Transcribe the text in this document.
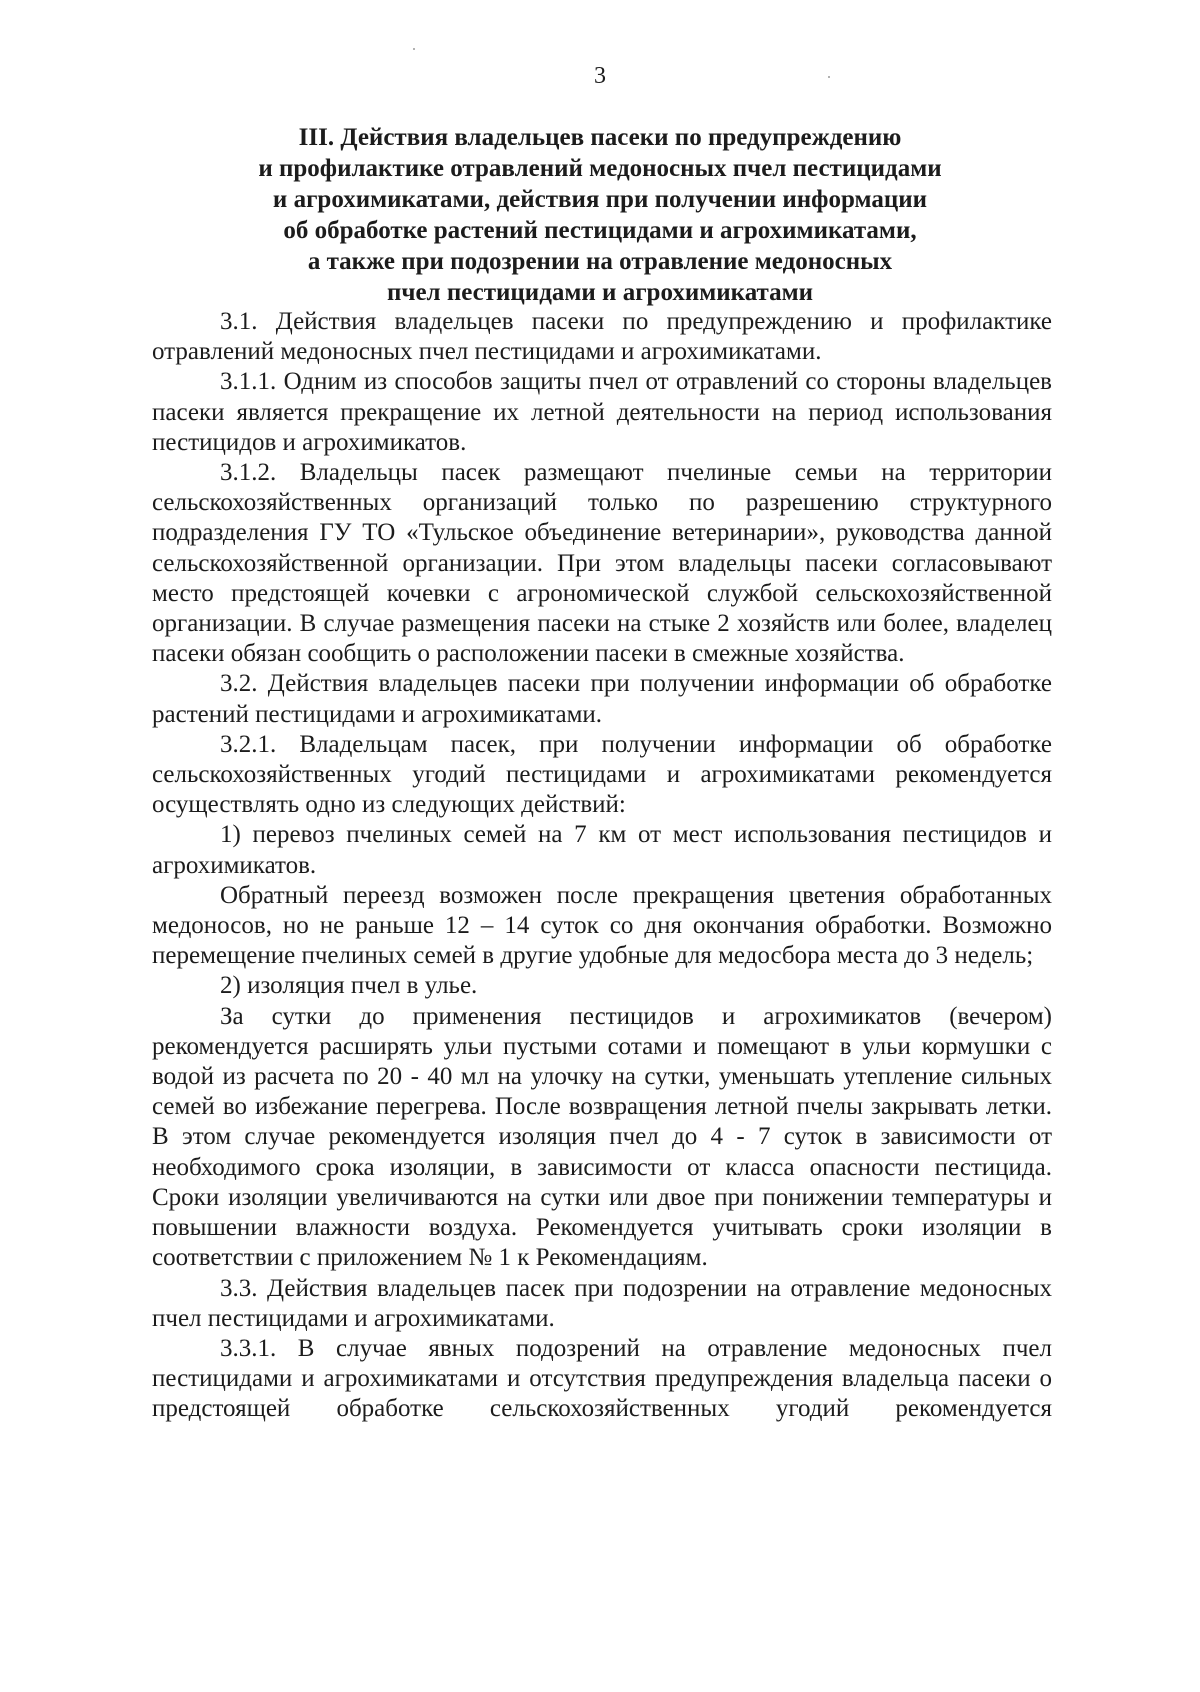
3
III. Действия владельцев пасеки по предупреждению
и профилактике отравлений медоносных пчел пестицидами
и агрохимикатами, действия при получении информации
об обработке растений пестицидами и агрохимикатами,
а также при подозрении на отравление медоносных
пчел пестицидами и агрохимикатами

3.1. Действия владельцев пасеки по предупреждению и профилактике отравлений медоносных пчел пестицидами и агрохимикатами.

3.1.1. Одним из способов защиты пчел от отравлений со стороны владельцев пасеки является прекращение их летной деятельности на период использования пестицидов и агрохимикатов.

3.1.2. Владельцы пасек размещают пчелиные семьи на территории сельскохозяйственных организаций только по разрешению структурного подразделения ГУ ТО «Тульское объединение ветеринарии», руководства данной сельскохозяйственной организации. При этом владельцы пасеки согласовывают место предстоящей кочевки с агрономической службой сельскохозяйственной организации. В случае размещения пасеки на стыке 2 хозяйств или более, владелец пасеки обязан сообщить о расположении пасеки в смежные хозяйства.

3.2. Действия владельцев пасеки при получении информации об обработке растений пестицидами и агрохимикатами.

3.2.1. Владельцам пасек, при получении информации об обработке сельскохозяйственных угодий пестицидами и агрохимикатами рекомендуется осуществлять одно из следующих действий:

1) перевоз пчелиных семей на 7 км от мест использования пестицидов и агрохимикатов.

Обратный переезд возможен после прекращения цветения обработанных медоносов, но не раньше 12 – 14 суток со дня окончания обработки. Возможно перемещение пчелиных семей в другие удобные для медосбора места до 3 недель;

2) изоляция пчел в улье.

За сутки до применения пестицидов и агрохимикатов (вечером) рекомендуется расширять ульи пустыми сотами и помещают в ульи кормушки с водой из расчета по 20 - 40 мл на улочку на сутки, уменьшать утепление сильных семей во избежание перегрева. После возвращения летной пчелы закрывать летки. В этом случае рекомендуется изоляция пчел до 4 - 7 суток в зависимости от необходимого срока изоляции, в зависимости от класса опасности пестицида. Сроки изоляции увеличиваются на сутки или двое при понижении температуры и повышении влажности воздуха. Рекомендуется учитывать сроки изоляции в соответствии с приложением № 1 к Рекомендациям.

3.3. Действия владельцев пасек при подозрении на отравление медоносных пчел пестицидами и агрохимикатами.

3.3.1. В случае явных подозрений на отравление медоносных пчел пестицидами и агрохимикатами и отсутствия предупреждения владельца пасеки о предстоящей обработке сельскохозяйственных угодий рекомендуется
